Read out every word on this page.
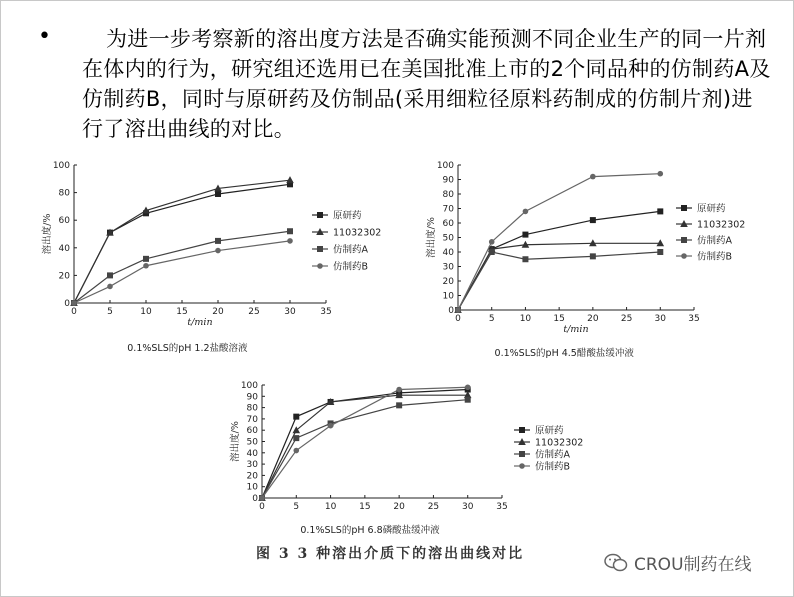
•	为进一步考察新的溶出度方法是否确实能预测不同企业生产的同一片剂在体内的行为，研究组还选用已在美国批准上市的2个同品种的仿制药A及仿制药B，同时与原研药及仿制品(采用细粒径原料药制成的仿制片剂)进行了溶出曲线的对比。
0	5	10	15	20	25	30	35
0
20
40
60
80
100
t/min
溶出度/%	原研药
11032302
仿制药A
仿制药B
0.1%SLS的pH 1.2盐酸溶液
0	5	10 15 20 25 30 35
0
10
20
30
40
50
60
70
80
90
100
t/min
溶出度/%
原研药
11032302
仿制药A
仿制药B
0.1%SLS的pH 4.5醋酸盐缓冲液
0	5	10	15	20	25	30	35
0
10
20
30
40
50
60
70
80
90
100
溶出度/%	原研药
11032302
仿制药A
仿制药B
0.1%SLS的pH 6.8磷酸盐缓冲液
图 3 3 种溶出介质下的溶出曲线对比
CROU制药在线
